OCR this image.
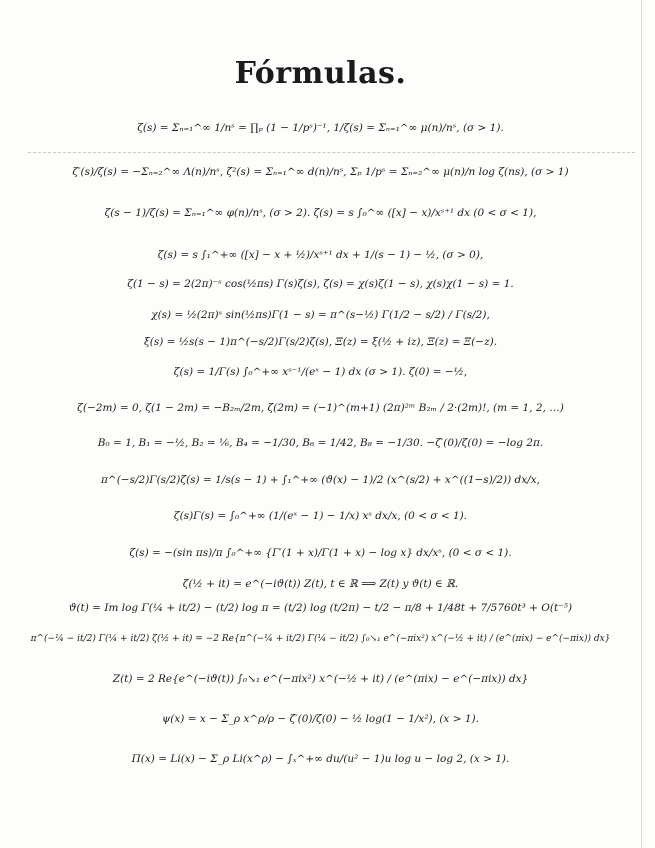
Fórmulas.
ζ(s) = Σₙ₌₁^∞ 1/nˢ = ∏ₚ (1 − 1/pˢ)⁻¹, 1/ζ(s) = Σₙ₌₁^∞ μ(n)/nˢ, (σ > 1).
ζ′(s)/ζ(s) = −Σₙ₌₂^∞ Λ(n)/nˢ, ζ²(s) = Σₙ₌₁^∞ d(n)/nˢ, Σₚ 1/pˢ = Σₙ₌₂^∞ μ(n)/n log ζ(ns), (σ > 1)
ζ(s − 1)/ζ(s) = Σₙ₌₁^∞ φ(n)/nˢ, (σ > 2). ζ(s) = s ∫₀^∞ ([x] − x)/xˢ⁺¹ dx (0 < σ < 1),
ζ(s) = s ∫₁^+∞ ([x] − x + ½)/xˢ⁺¹ dx + 1/(s − 1) − ½, (σ > 0),
ζ(1 − s) = 2(2π)⁻ˢ cos(½πs) Γ(s)ζ(s), ζ(s) = χ(s)ζ(1 − s), χ(s)χ(1 − s) = 1.
χ(s) = ½(2π)ˢ sin(½πs)Γ(1 − s) = π^(s−½) Γ(1/2 − s/2) / Γ(s/2),
ξ(s) = ½s(s − 1)π^(−s/2)Γ(s/2)ζ(s), Ξ(z) = ξ(½ + iz), Ξ(z) = Ξ(−z).
ζ(s) = 1/Γ(s) ∫₀^+∞ xˢ⁻¹/(eˣ − 1) dx (σ > 1). ζ(0) = −½,
ζ(−2m) = 0, ζ(1 − 2m) = −B₂ₘ/2m, ζ(2m) = (−1)^(m+1) (2π)²ᵐ B₂ₘ / 2·(2m)!, (m = 1, 2, …)
B₀ = 1, B₁ = −½, B₂ = ⅙, B₄ = −1/30, B₆ = 1/42, B₈ = −1/30. −ζ′(0)/ζ(0) = −log 2π.
π^(−s/2)Γ(s/2)ζ(s) = 1/s(s − 1) + ∫₁^+∞ (ϑ(x) − 1)/2 (x^(s/2) + x^((1−s)/2)) dx/x,
ζ(s)Γ(s) = ∫₀^+∞ (1/(eˣ − 1) − 1/x) xˢ dx/x, (0 < σ < 1).
ζ(s) = −(sin πs)/π ∫₀^+∞ {Γ′(1 + x)/Γ(1 + x) − log x} dx/xˢ, (0 < σ < 1).
ζ(½ + it) = e^(−iϑ(t)) Z(t), t ∈ ℝ ⟹ Z(t) y ϑ(t) ∈ ℝ.
ϑ(t) = Im log Γ(¼ + it/2) − (t/2) log π = (t/2) log (t/2π) − t/2 − π/8 + 1/48t + 7/5760t³ + O(t⁻⁵)
π^(−¼ − it/2) Γ(¼ + it/2) ζ(½ + it) = −2 Re{π^(−¼ + it/2) Γ(¼ − it/2) ∫₀↘₁ e^(−πix²) x^(−½ + it) / (e^(πix) − e^(−πix)) dx}
Z(t) = 2 Re{e^(−iϑ(t)) ∫₀↘₁ e^(−πix²) x^(−½ + it) / (e^(πix) − e^(−πix)) dx}
ψ(x) = x − Σ_ρ x^ρ/ρ − ζ′(0)/ζ(0) − ½ log(1 − 1/x²), (x > 1).
Π(x) = Li(x) − Σ_ρ Li(x^ρ) − ∫ₓ^+∞ du/(u² − 1)u log u − log 2, (x > 1).
